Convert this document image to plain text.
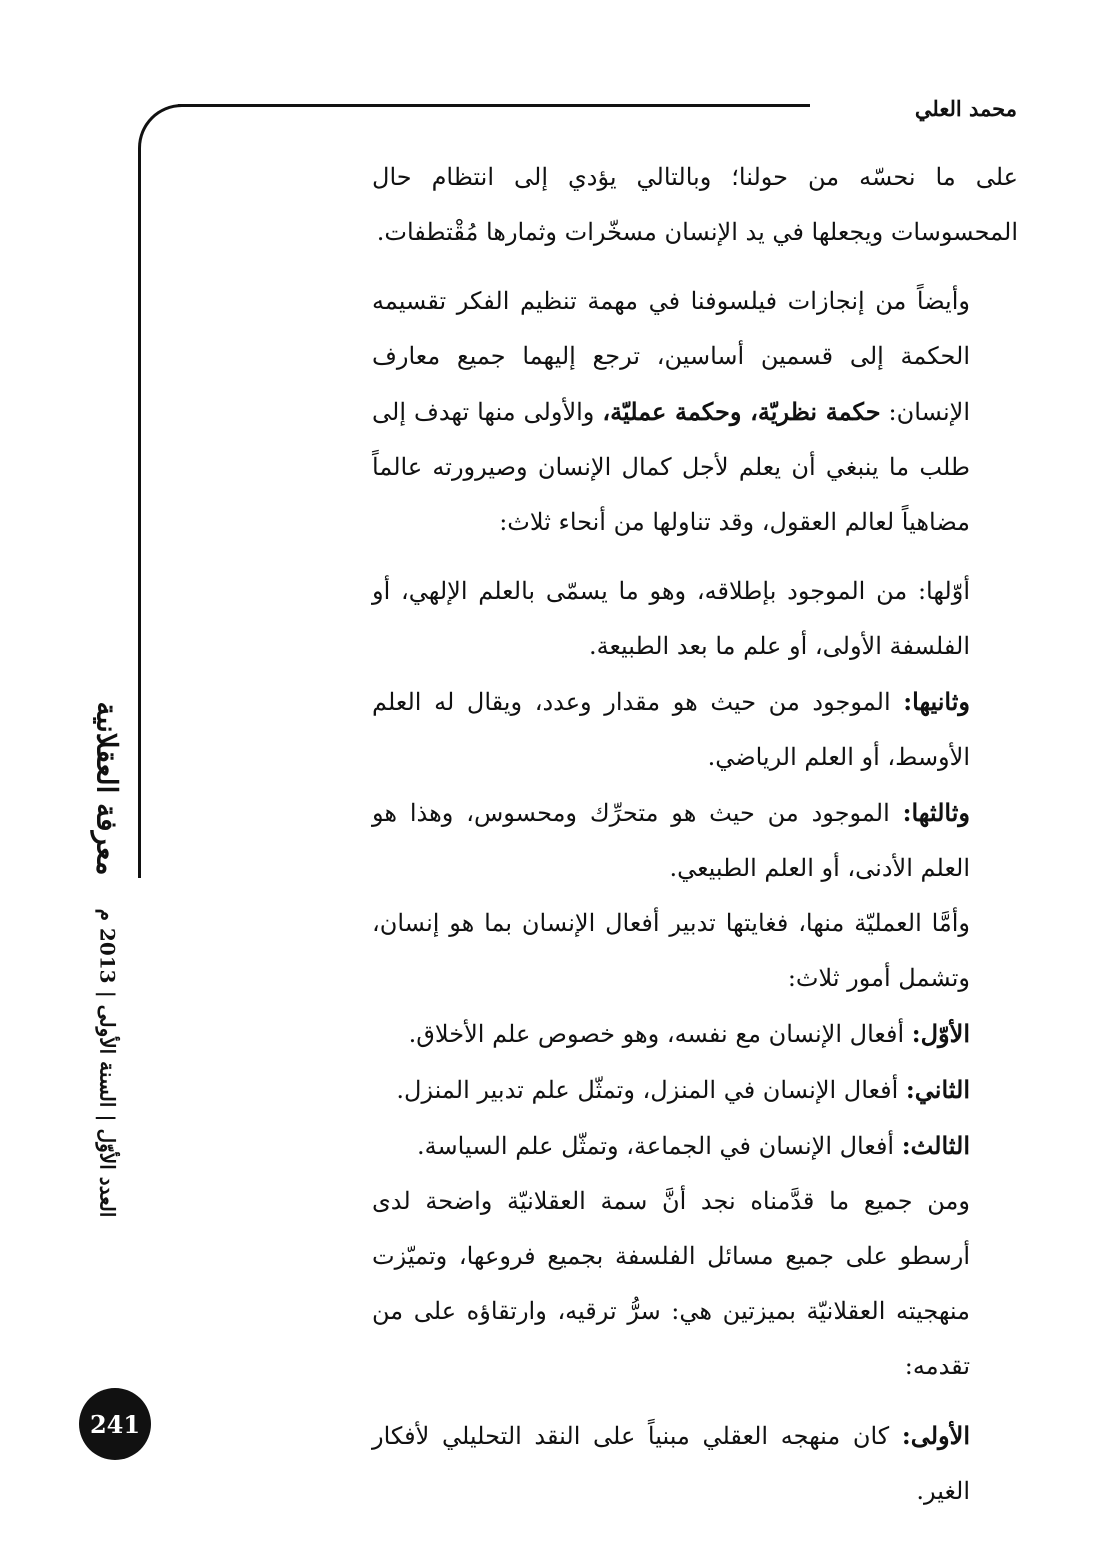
محمد العلي
معرفة العقلانية
العدد الأوّل | السنة الأولى | 2013 م
241

على ما نحسّه من حولنا؛ وبالتالي يؤدي إلى انتظام حال المحسوسات ويجعلها في يد الإنسان مسخّرات وثمارها مُقْتطفات.

وأيضاً من إنجازات فيلسوفنا في مهمة تنظيم الفكر تقسيمه الحكمة إلى قسمين أساسين، ترجع إليهما جميع معارف الإنسان: حكمة نظريّة، وحكمة عمليّة، والأولى منها تهدف إلى طلب ما ينبغي أن يعلم لأجل كمال الإنسان وصيرورته عالماً مضاهياً لعالم العقول، وقد تناولها من أنحاء ثلاث:

أوّلها: من الموجود بإطلاقه، وهو ما يسمّى بالعلم الإلهي، أو الفلسفة الأولى، أو علم ما بعد الطبيعة.

وثانيها: الموجود من حيث هو مقدار وعدد، ويقال له العلم الأوسط، أو العلم الرياضي.

وثالثها: الموجود من حيث هو متحرِّك ومحسوس، وهذا هو العلم الأدنى، أو العلم الطبيعي.

وأمَّا العمليّة منها، فغايتها تدبير أفعال الإنسان بما هو إنسان، وتشمل أمور ثلاث:

الأوّل: أفعال الإنسان مع نفسه، وهو خصوص علم الأخلاق.

الثاني: أفعال الإنسان في المنزل، وتمثّل علم تدبير المنزل.

الثالث: أفعال الإنسان في الجماعة، وتمثّل علم السياسة.

ومن جميع ما قدَّمناه نجد أنَّ سمة العقلانيّة واضحة لدى أرسطو على جميع مسائل الفلسفة بجميع فروعها، وتميّزت منهجيته العقلانيّة بميزتين هي: سرُّ ترقيه، وارتقاؤه على من تقدمه:

الأولى: كان منهجه العقلي مبنياً على النقد التحليلي لأفكار الغير.
